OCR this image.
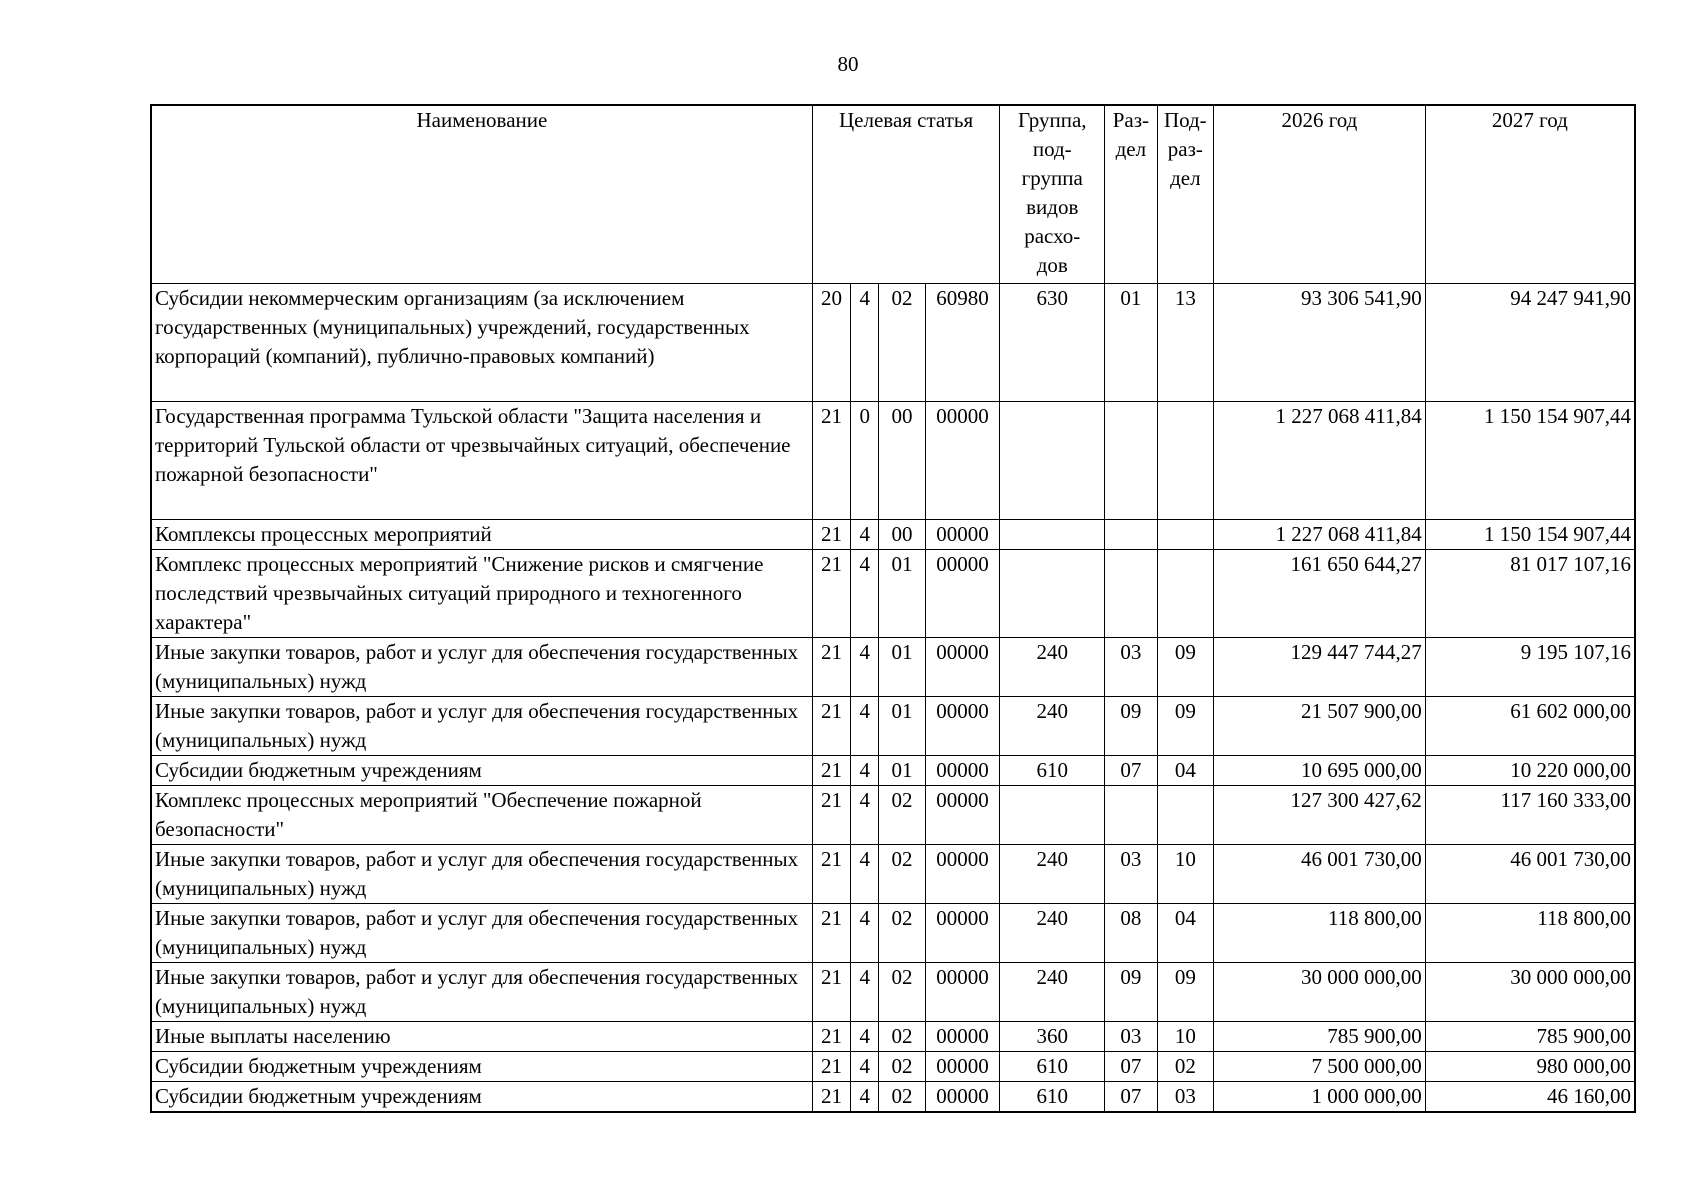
80
Наименование	Целевая статья				Группа, под-группа видов расхо-дов	Раз-дел	Под-раз-дел	2026 год	2027 год
Субсидии некоммерческим организациям (за исключением государственных (муниципальных) учреждений, государственных корпораций (компаний), публично-правовых компаний)	20	4	02	60980	630	01	13	93 306 541,90	94 247 941,90
Государственная программа Тульской области "Защита населения и территорий Тульской области от чрезвычайных ситуаций, обеспечение пожарной безопасности"	21	0	00	00000				1 227 068 411,84	1 150 154 907,44
Комплексы процессных мероприятий	21	4	00	00000				1 227 068 411,84	1 150 154 907,44
Комплекс процессных мероприятий "Снижение рисков и смягчение последствий чрезвычайных ситуаций природного и техногенного характера"	21	4	01	00000				161 650 644,27	81 017 107,16
Иные закупки товаров, работ и услуг для обеспечения государственных (муниципальных) нужд	21	4	01	00000	240	03	09	129 447 744,27	9 195 107,16
Иные закупки товаров, работ и услуг для обеспечения государственных (муниципальных) нужд	21	4	01	00000	240	09	09	21 507 900,00	61 602 000,00
Субсидии бюджетным учреждениям	21	4	01	00000	610	07	04	10 695 000,00	10 220 000,00
Комплекс процессных мероприятий "Обеспечение пожарной безопасности"	21	4	02	00000				127 300 427,62	117 160 333,00
Иные закупки товаров, работ и услуг для обеспечения государственных (муниципальных) нужд	21	4	02	00000	240	03	10	46 001 730,00	46 001 730,00
Иные закупки товаров, работ и услуг для обеспечения государственных (муниципальных) нужд	21	4	02	00000	240	08	04	118 800,00	118 800,00
Иные закупки товаров, работ и услуг для обеспечения государственных (муниципальных) нужд	21	4	02	00000	240	09	09	30 000 000,00	30 000 000,00
Иные выплаты населению	21	4	02	00000	360	03	10	785 900,00	785 900,00
Субсидии бюджетным учреждениям	21	4	02	00000	610	07	02	7 500 000,00	980 000,00
Субсидии бюджетным учреждениям	21	4	02	00000	610	07	03	1 000 000,00	46 160,00
